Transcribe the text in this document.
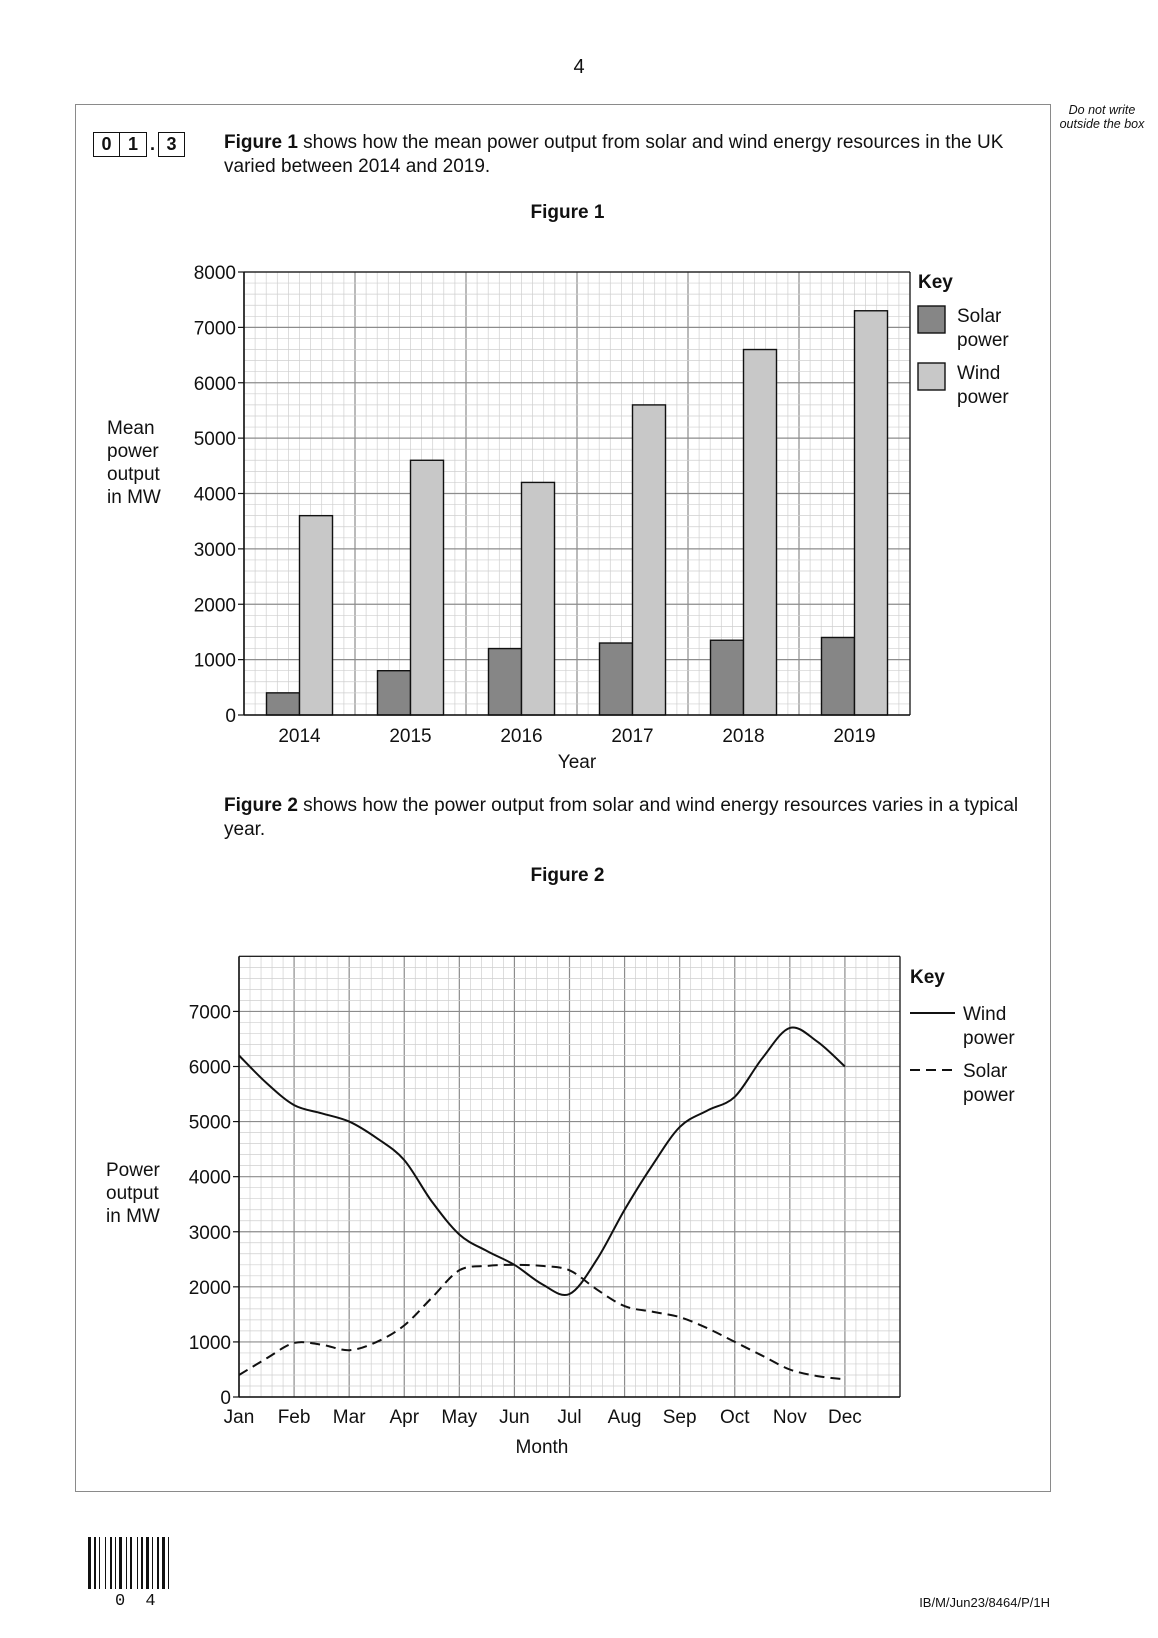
4
Do not write outside the box
0 1 . 3	Figure 1 shows how the mean power output from solar and wind energy resources in the UK varied between 2014 and 2019.
Figure 1
0
1000
2000
3000
4000
5000
6000
7000
8000
2014	2015	2016	2017	2018	2019
Year
Mean
power
output
in MW
Key
Solar
power
Wind
power
Figure 2 shows how the power output from solar and wind energy resources varies in a typical year.
Figure 2
0
1000
2000
3000
4000
5000
6000
7000
Jan Feb Mar Apr May Jun Jul Aug Sep Oct Nov Dec
Month
Power
output
in MW
Key
Wind
power
Solar
power
0 4	IB/M/Jun23/8464/P/1H
